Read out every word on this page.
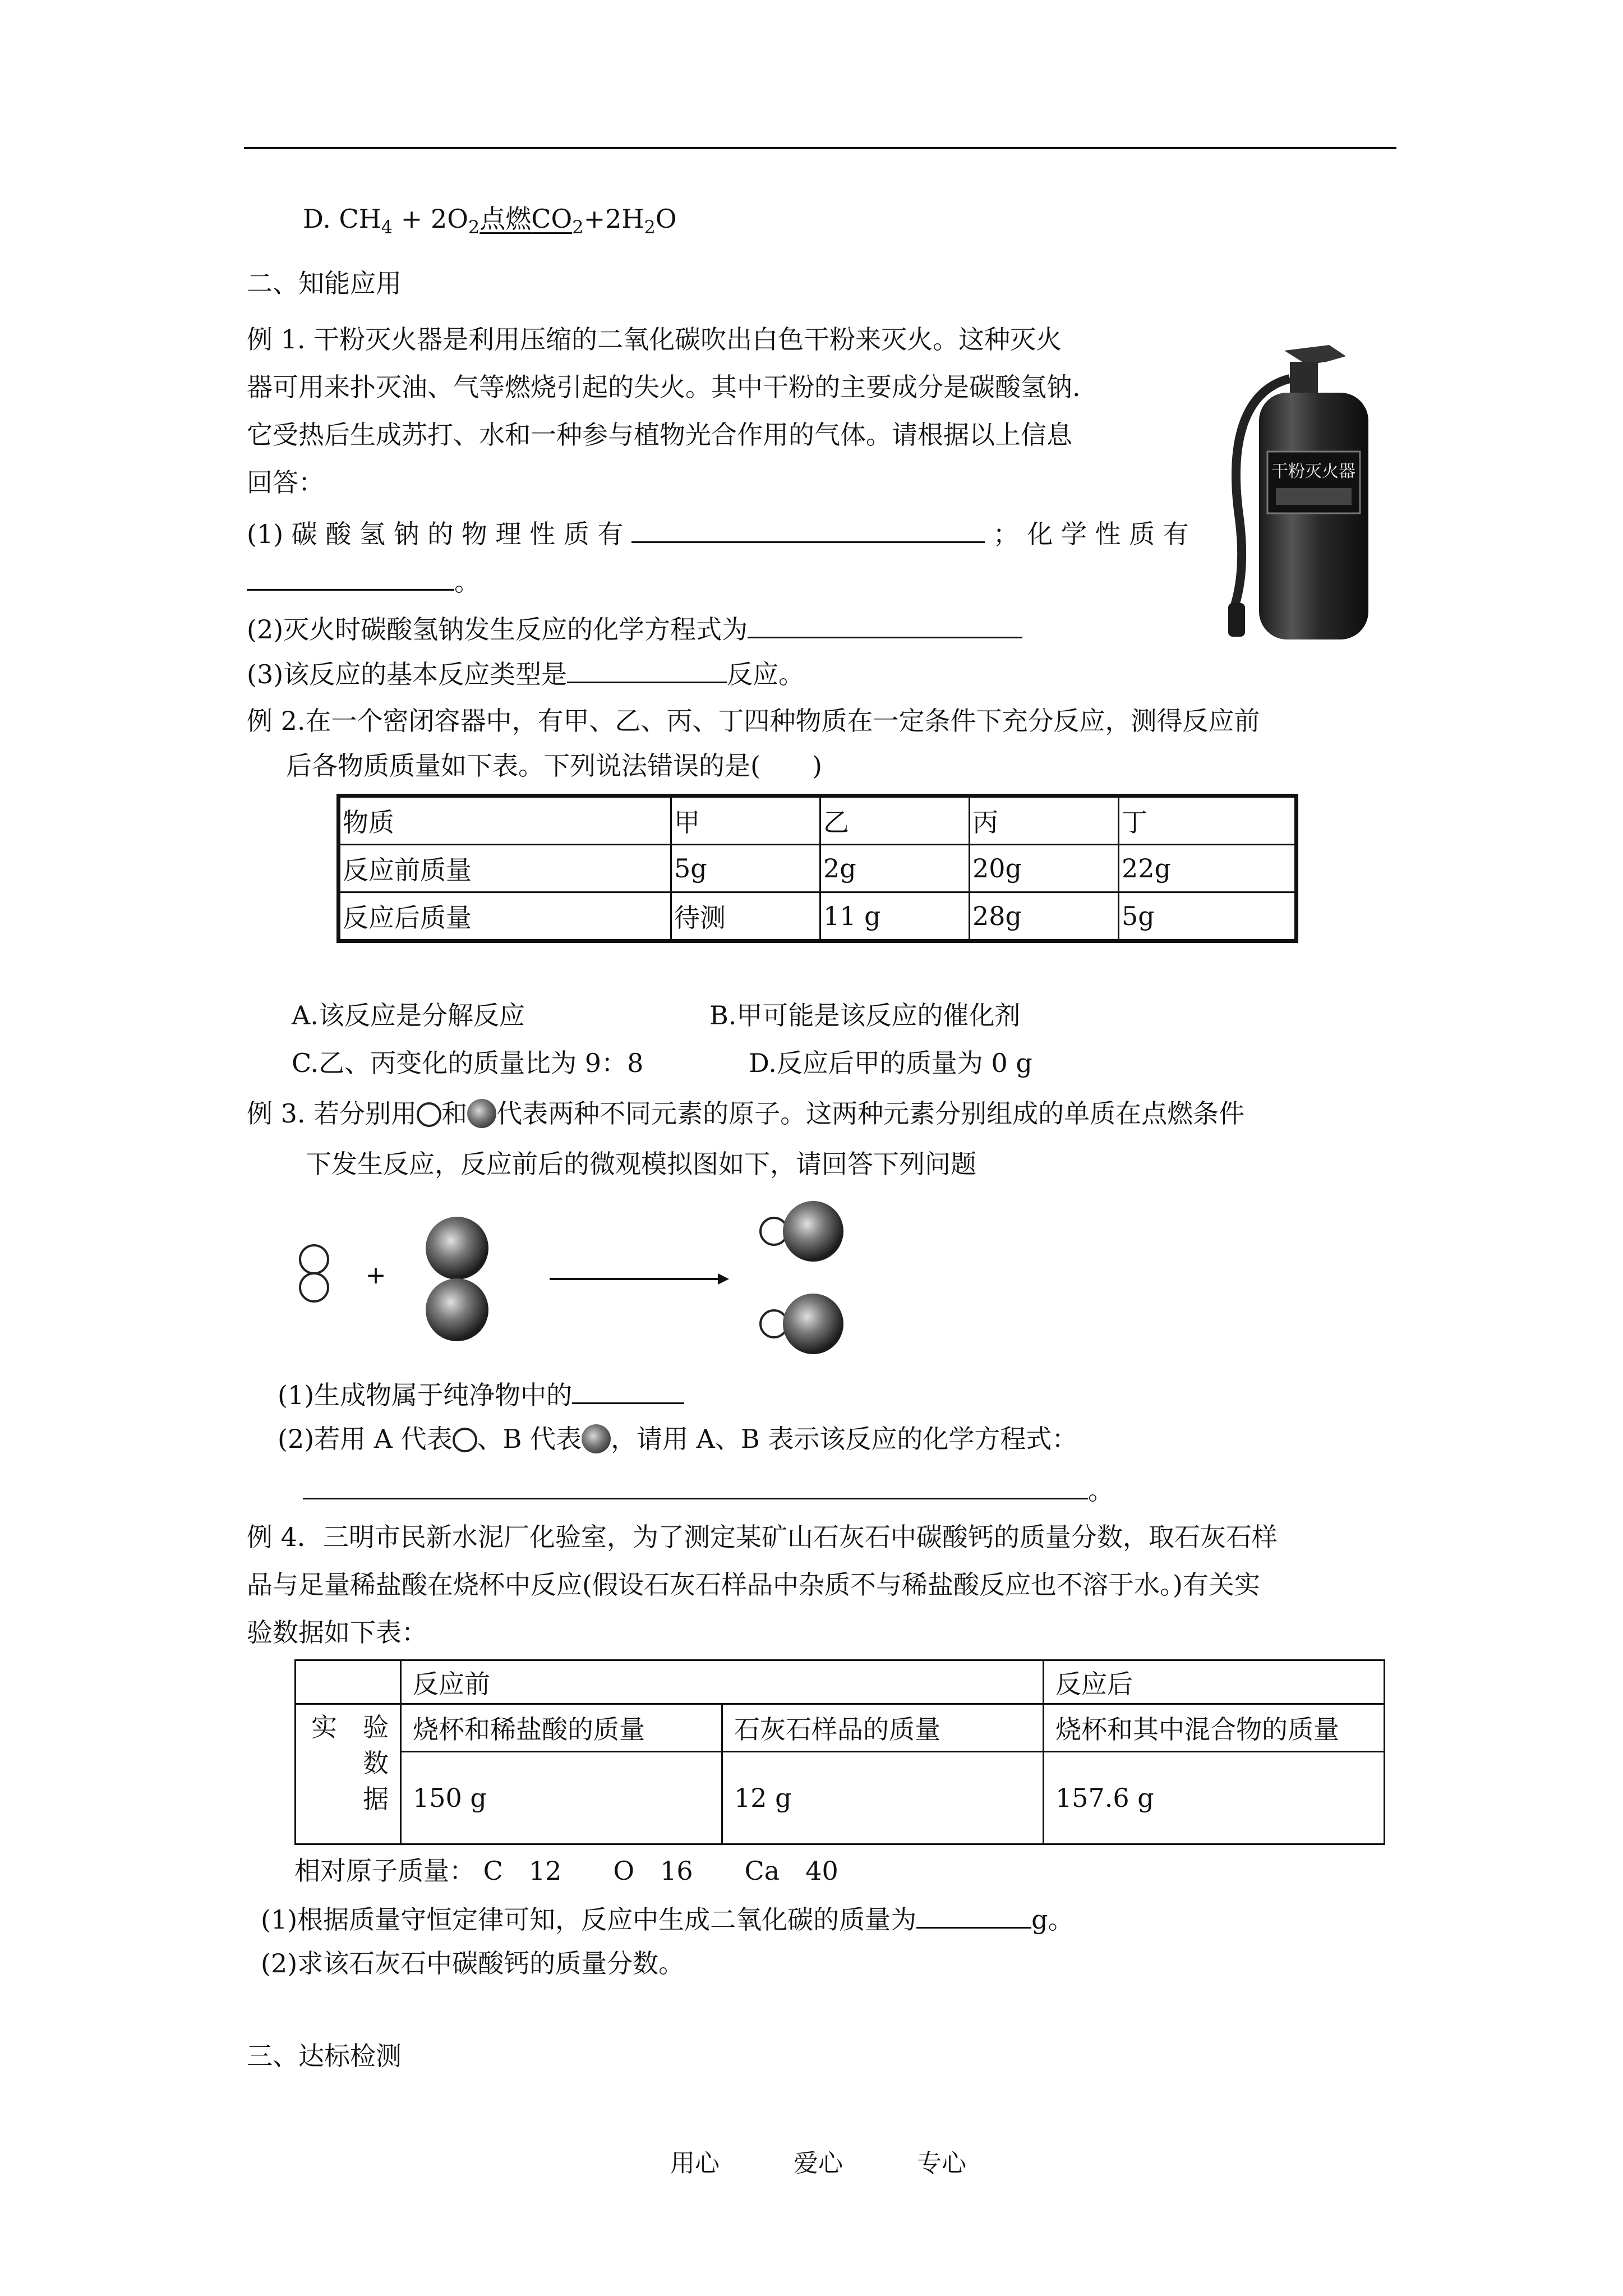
D. $CH_4 + 2O_2$点燃$CO_2+2H_2O$
二、知能应用
例 1. 干粉灭火器是利用压缩的二氧化碳吹出白色干粉来灭火。这种灭火
器可用来扑灭油、气等燃烧引起的失火。其中干粉的主要成分是碳酸氢钠.
它受热后生成苏打、水和一种参与植物光合作用的气体。请根据以上信息
回答：
(1) 碳 酸 氢 钠 的 物 理 性 质 有	； 化 学 性 质 有
。
(2)灭火时碳酸氢钠发生反应的化学方程式为
(3)该反应的基本反应类型是	反应。
干粉灭火器
例 2.在一个密闭容器中，有甲、乙、丙、丁四种物质在一定条件下充分反应，测得反应前
后各物质质量如下表。下列说法错误的是(　　)
物质	甲	乙	丙	丁
反应前质量	5g	2g	20g	22g
反应后质量	待测	11 g	28g	5g
A.该反应是分解反应	B.甲可能是该反应的催化剂
C.乙、丙变化的质量比为 9：8	D.反应后甲的质量为 0 g
例 3. 若分别用 和 代表两种不同元素的原子。这两种元素分别组成的单质在点燃条件
下发生反应，反应前后的微观模拟图如下，请回答下列问题
+
(1)生成物属于纯净物中的
(2)若用 A 代表 、B 代表 ，请用 A、B 表示该反应的化学方程式：
。
例 4．三明市民新水泥厂化验室，为了测定某矿山石灰石中碳酸钙的质量分数，取石灰石样
品与足量稀盐酸在烧杯中反应(假设石灰石样品中杂质不与稀盐酸反应也不溶于水。)有关实
验数据如下表：
	反应前		反应后

实　验
数
据	烧杯和稀盐酸的质量	石灰石样品的质量	烧杯和其中混合物的质量
	150 g	12 g	157.6 g
相对原子质量： C　12　　O　16　　Ca　40
(1)根据质量守恒定律可知，反应中生成二氧化碳的质量为	g。
(2)求该石灰石中碳酸钙的质量分数。
三、达标检测
用心	爱心	专心
